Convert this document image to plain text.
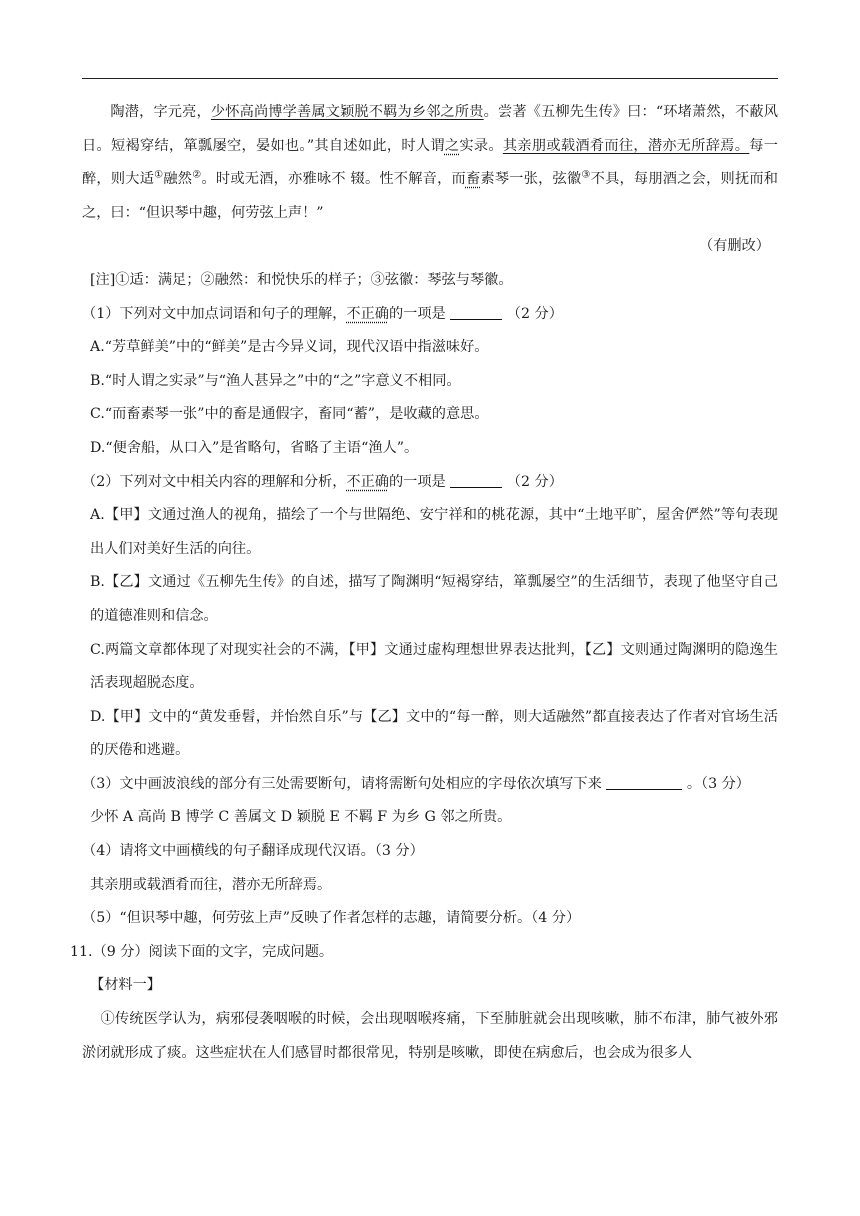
陶潜，字元亮，少怀高尚博学善属文颖脱不羁为乡邻之所贵。尝著《五柳先生传》曰：“环堵萧然，不蔽风日。短褐穿结，箪瓢屡空，晏如也。”其自述如此，时人谓之实录。其亲朋或载酒肴而往，潜亦无所辞焉。每一醉，则大适①融然②。时或无酒，亦雅咏不 辍。性不解音，而畜素琴一张，弦徽③不具，每朋酒之会，则抚而和之，曰：“但识琴中趣，何劳弦上声！”

（有删改）

[注]①适：满足；②融然：和悦快乐的样子；③弦徽：琴弦与琴徽。

（1）下列对文中加点词语和句子的理解，不正确的一项是	（2 分）

A.“芳草鲜美”中的“鲜美”是古今异义词，现代汉语中指滋味好。

B.“时人谓之实录”与“渔人甚异之”中的“之”字意义不相同。

C.“而畜素琴一张”中的畜是通假字，畜同“蓄”，是收藏的意思。

D.“便舍船，从口入”是省略句，省略了主语“渔人”。

（2）下列对文中相关内容的理解和分析，不正确的一项是	（2 分）

A.【甲】文通过渔人的视角，描绘了一个与世隔绝、安宁祥和的桃花源，其中“土地平旷，屋舍俨然”等句表现出人们对美好生活的向往。

B.【乙】文通过《五柳先生传》的自述，描写了陶渊明“短褐穿结，箪瓢屡空”的生活细节，表现了他坚守自己的道德准则和信念。

C.两篇文章都体现了对现实社会的不满，【甲】文通过虚构理想世界表达批判，【乙】文则通过陶渊明的隐逸生活表现超脱态度。

D.【甲】文中的“黄发垂髫，并怡然自乐”与【乙】文中的“每一醉，则大适融然”都直接表达了作者对官场生活的厌倦和逃避。

（3）文中画波浪线的部分有三处需要断句，请将需断句处相应的字母依次填写下来	。（3 分）

少怀 A 高尚 B 博学 C 善属文 D 颖脱 E 不羁 F 为乡 G 邻之所贵。

（4）请将文中画横线的句子翻译成现代汉语。（3 分）

其亲朋或载酒肴而往，潜亦无所辞焉。

（5）“但识琴中趣，何劳弦上声”反映了作者怎样的志趣，请简要分析。（4 分）

11.（9 分）阅读下面的文字，完成问题。

【材料一】

①传统医学认为，病邪侵袭咽喉的时候，会出现咽喉疼痛，下至肺脏就会出现咳嗽，肺不布津，肺气被外邪淤闭就形成了痰。这些症状在人们感冒时都很常见，特别是咳嗽，即使在病愈后，也会成为很多人
